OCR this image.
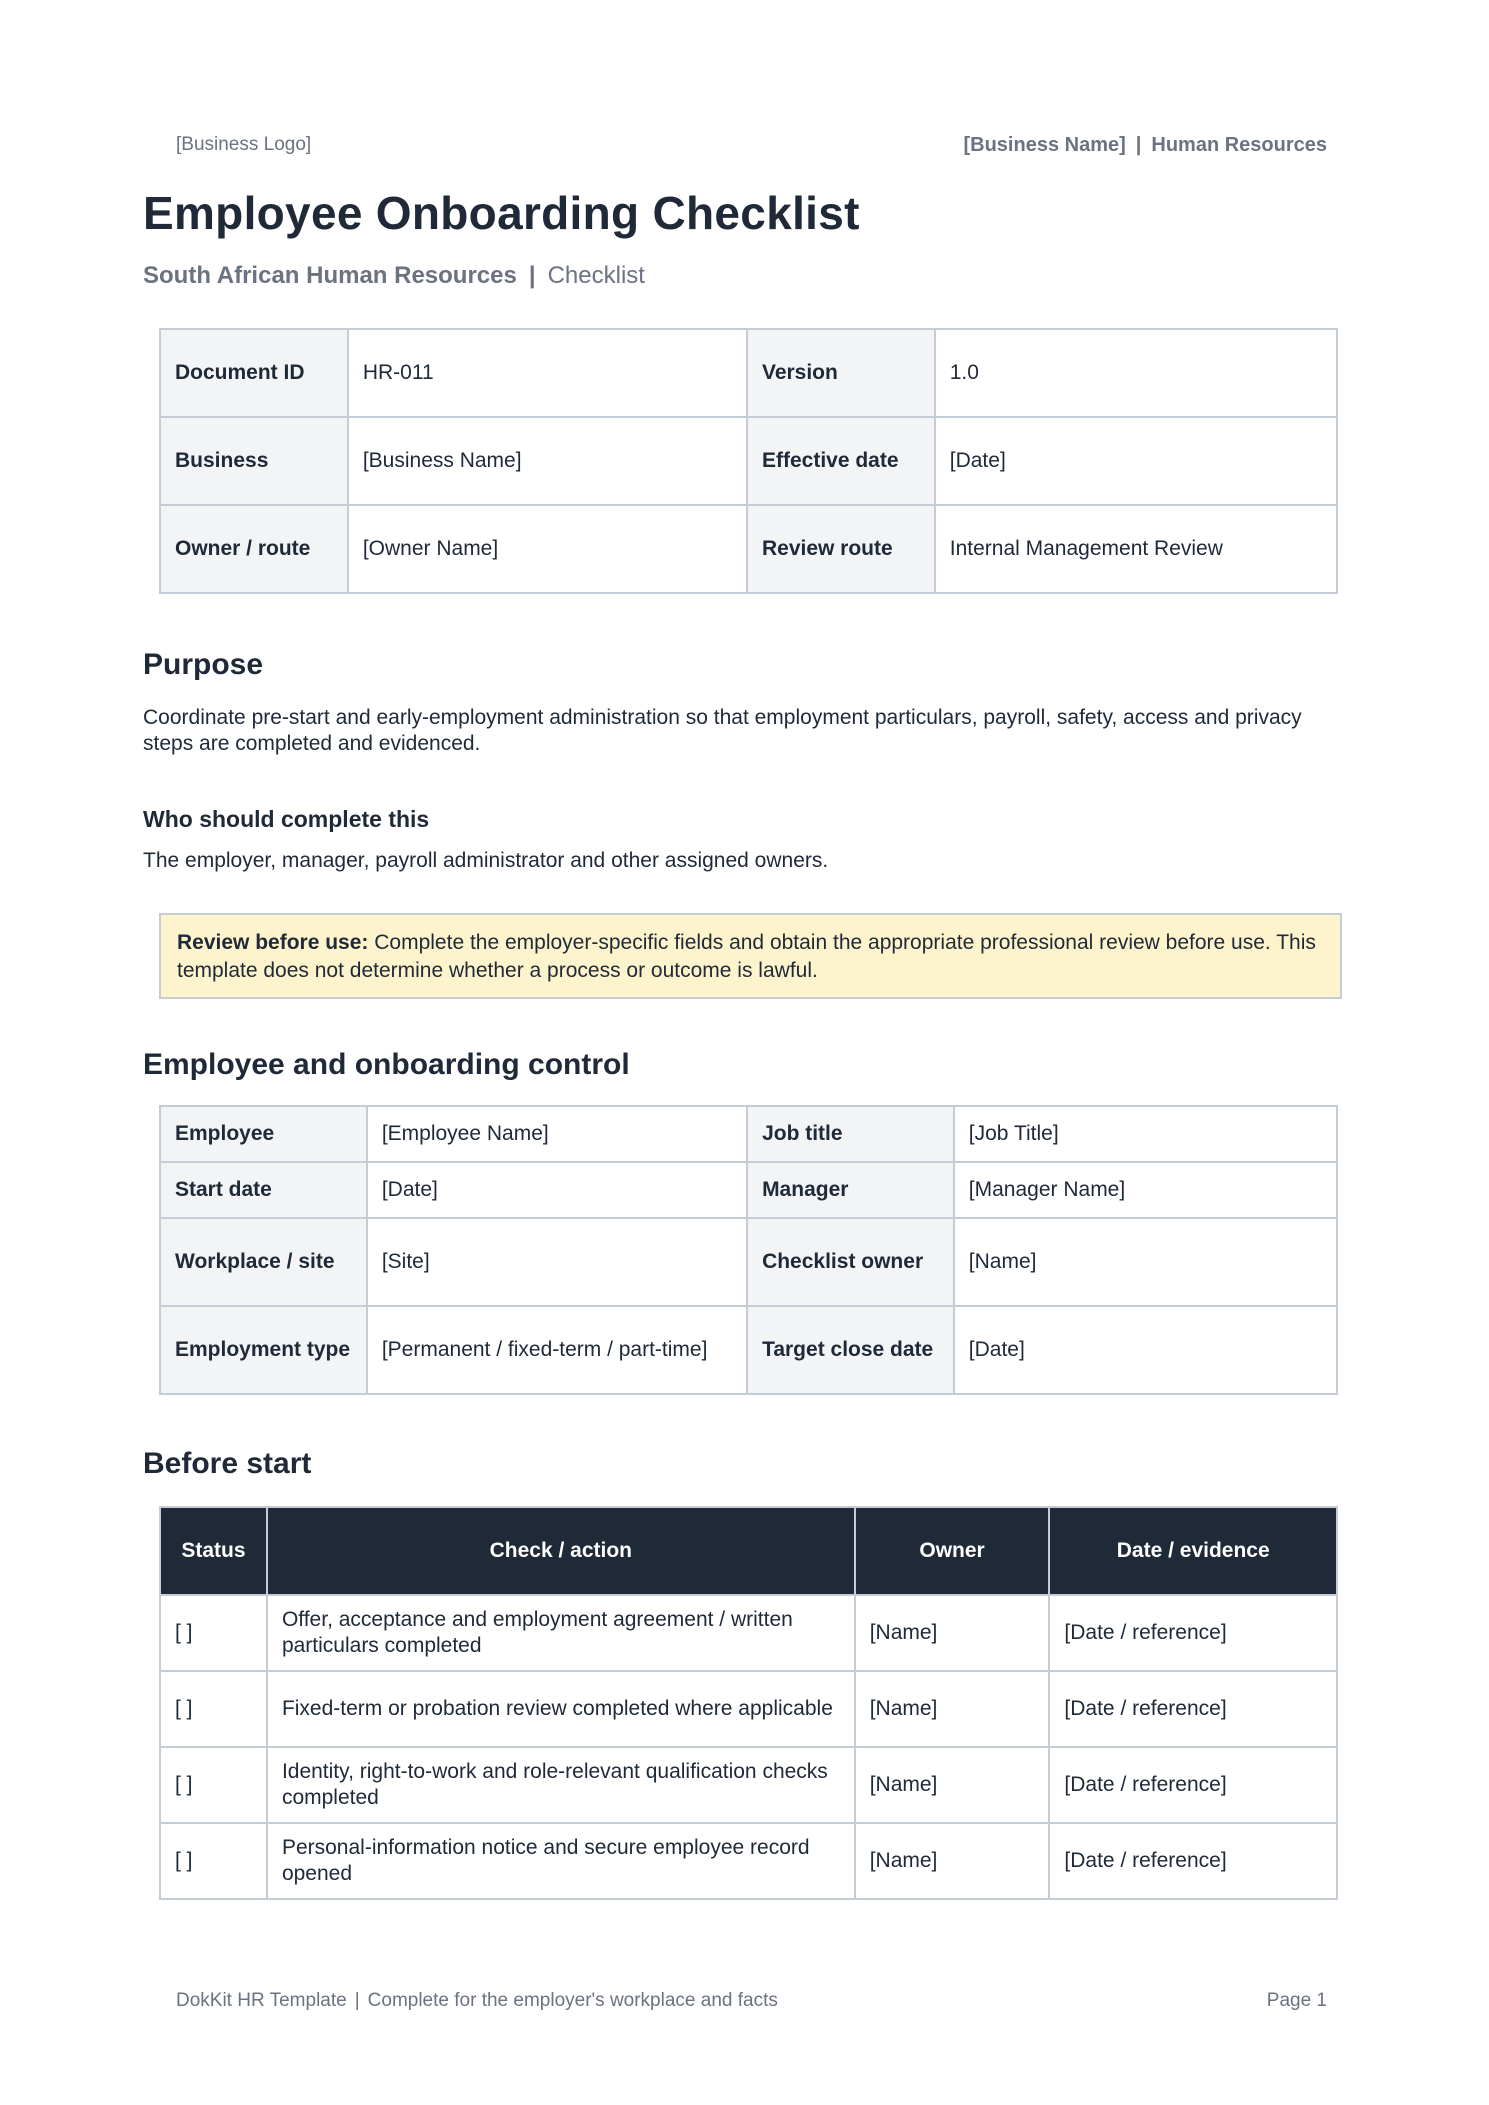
[Business Logo]	[Business Name] | Human Resources
Employee Onboarding Checklist
South African Human Resources | Checklist
Document ID	HR-011	Version	1.0
Business	[Business Name]	Effective date	[Date]
Owner / route	[Owner Name]	Review route	Internal Management Review
Purpose

Coordinate pre-start and early-employment administration so that employment particulars, payroll, safety, access and privacy steps are completed and evidenced.

Who should complete this

The employer, manager, payroll administrator and other assigned owners.

Review before use: Complete the employer-specific fields and obtain the appropriate professional review before use. This template does not determine whether a process or outcome is lawful.
Employee and onboarding control
Employee	[Employee Name]	Job title	[Job Title]
Start date	[Date]	Manager	[Manager Name]
Workplace / site	[Site]	Checklist owner	[Name]
Employment type	[Permanent / fixed-term / part-time]	Target close date	[Date]
Before start
Status	Check / action	Owner	Date / evidence
[ ]	Offer, acceptance and employment agreement / written particulars completed	[Name]	[Date / reference]
[ ]	Fixed-term or probation review completed where applicable	[Name]	[Date / reference]
[ ]	Identity, right-to-work and role-relevant qualification checks completed	[Name]	[Date / reference]
[ ]	Personal-information notice and secure employee record opened	[Name]	[Date / reference]
DokKit HR Template | Complete for the employer's workplace and facts	Page 1
